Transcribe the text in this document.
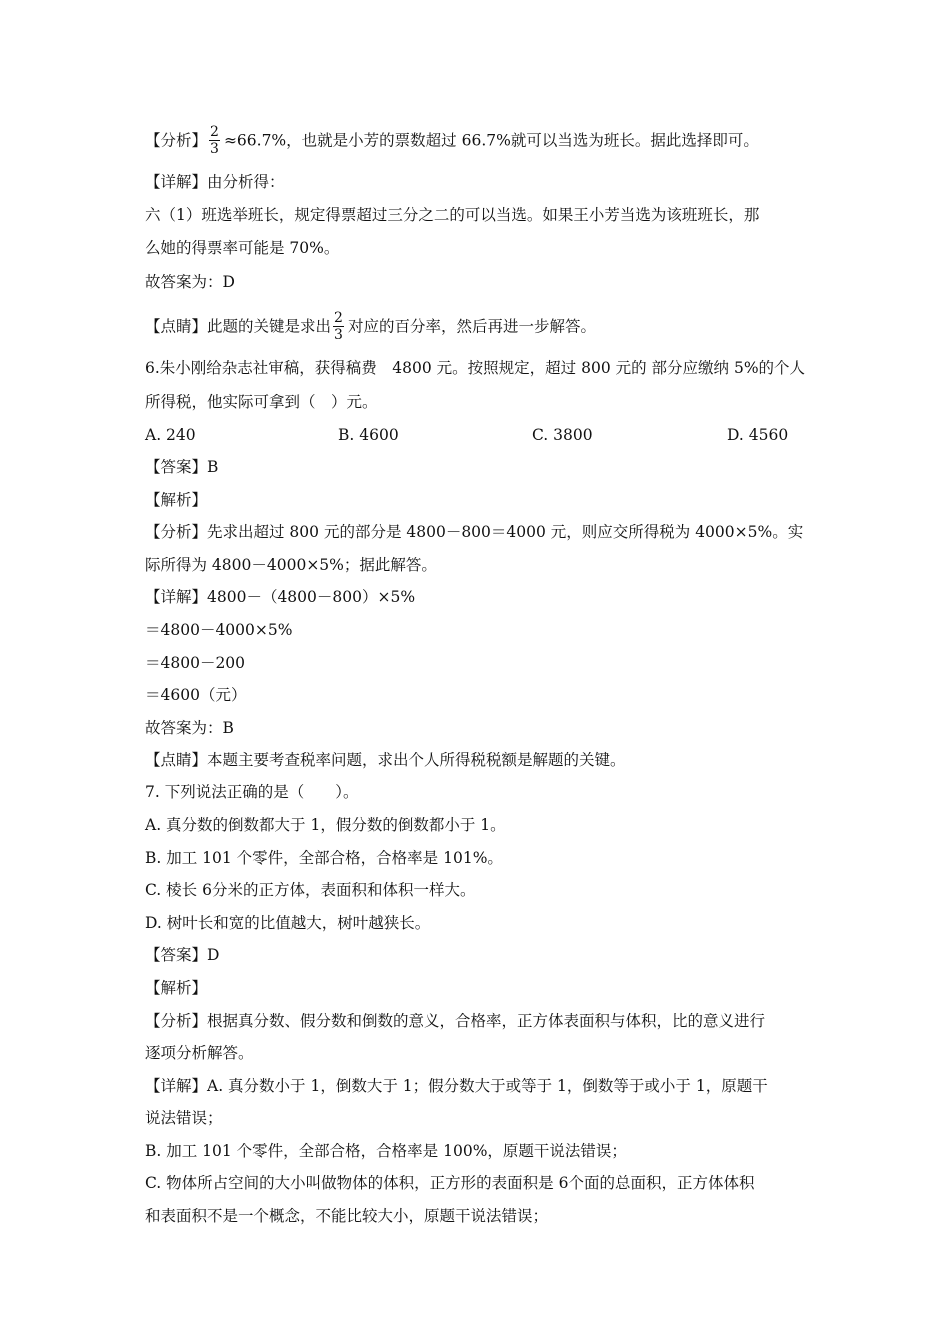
【分析】 $\frac{2}{3} \approx 66.7\%$，也就是小芳的票数超过 66.7%就可以当选为班长。据此选择即可。
【详解】由分析得：
六（1）班选举班长，规定得票超过三分之二的可以当选。如果王小芳当选为该班班长，那
么她的得票率可能是 70%。
故答案为：D
【点睛】此题的关键是求出 $\frac{2}{3}$ 对应的百分率，然后再进一步解答。
6.朱小刚给杂志社审稿，获得稿费　4800 元。按照规定，超过 800 元的 部分应缴纳 5%的个人
所得税，他实际可拿到（　）元。
A. 240	B. 4600	C. 3800	D. 4560
【答案】B
【解析】
【分析】先求出超过 800 元的部分是 4800－800＝4000 元，则应交所得税为 4000×5%。实
际所得为 4800－4000×5%；据此解答。
【详解】4800－（4800－800）×5%
＝4800－4000×5%
＝4800－200
＝4600（元）
故答案为：B
【点睛】本题主要考查税率问题，求出个人所得税税额是解题的关键。
7. 下列说法正确的是（　　）。
A. 真分数的倒数都大于 1，假分数的倒数都小于 1。
B. 加工 101 个零件，全部合格，合格率是 101%。
C. 棱长 6分米的正方体，表面积和体积一样大。
D. 树叶长和宽的比值越大，树叶越狭长。
【答案】D
【解析】
【分析】根据真分数、假分数和倒数的意义，合格率，正方体表面积与体积，比的意义进行
逐项分析解答。
【详解】A. 真分数小于 1，倒数大于 1；假分数大于或等于 1，倒数等于或小于 1，原题干
说法错误；
B. 加工 101 个零件，全部合格，合格率是 100%，原题干说法错误；
C. 物体所占空间的大小叫做物体的体积，正方形的表面积是 6个面的总面积，正方体体积
和表面积不是一个概念，不能比较大小，原题干说法错误；
